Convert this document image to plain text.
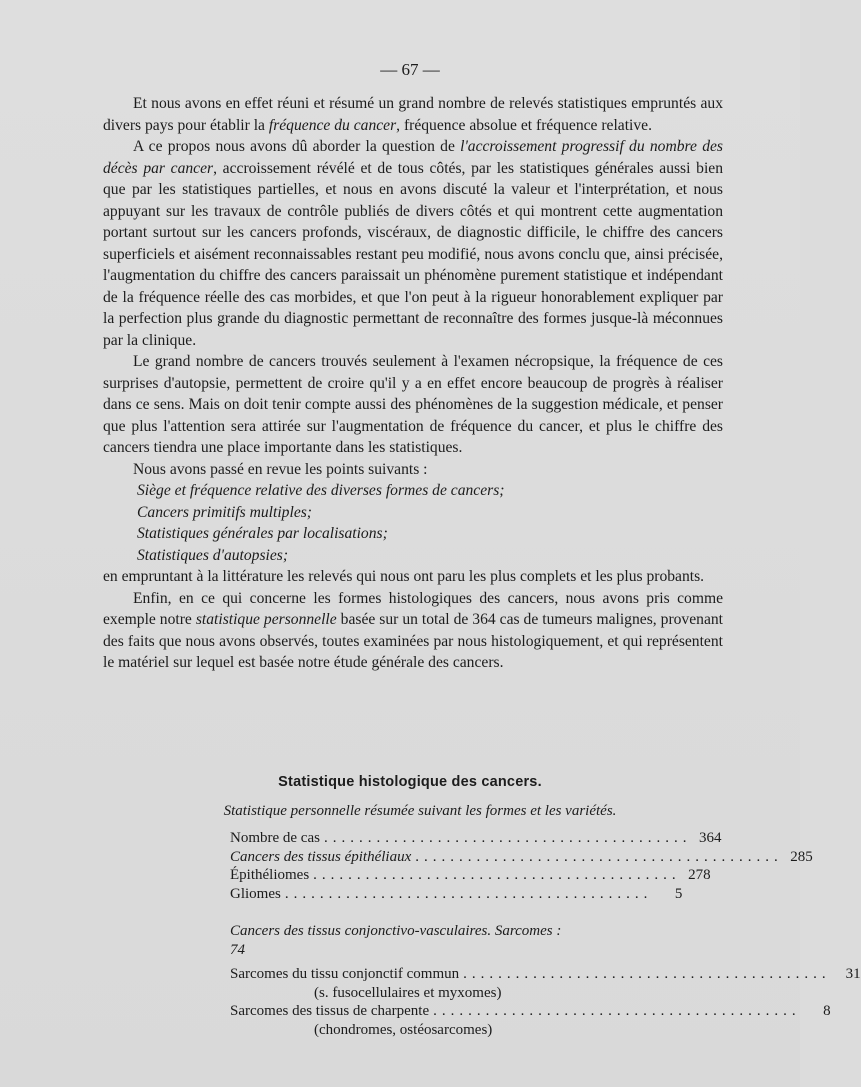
— 67 —

Et nous avons en effet réuni et résumé un grand nombre de relevés statistiques empruntés aux divers pays pour établir la fréquence du cancer, fréquence absolue et fréquence relative.

A ce propos nous avons dû aborder la question de l'accroissement progressif du nombre des décès par cancer, accroissement révélé et de tous côtés, par les statistiques générales aussi bien que par les statistiques partielles, et nous en avons discuté la valeur et l'interprétation, et nous appuyant sur les travaux de contrôle publiés de divers côtés et qui montrent cette augmentation portant surtout sur les cancers profonds, viscéraux, de diagnostic difficile, le chiffre des cancers superficiels et aisément reconnaissables restant peu modifié, nous avons conclu que, ainsi précisée, l'augmentation du chiffre des cancers paraissait un phénomène purement statistique et indépendant de la fréquence réelle des cas morbides, et que l'on peut à la rigueur honorablement expliquer par la perfection plus grande du diagnostic permettant de reconnaître des formes jusque-là méconnues par la clinique.

Le grand nombre de cancers trouvés seulement à l'examen nécropsique, la fréquence de ces surprises d'autopsie, permettent de croire qu'il y a en effet encore beaucoup de progrès à réaliser dans ce sens. Mais on doit tenir compte aussi des phénomènes de la suggestion médicale, et penser que plus l'attention sera attirée sur l'augmentation de fréquence du cancer, et plus le chiffre des cancers tiendra une place importante dans les statistiques.

Nous avons passé en revue les points suivants :

Siège et fréquence relative des diverses formes de cancers;
Cancers primitifs multiples;
Statistiques générales par localisations;
Statistiques d'autopsies;

en empruntant à la littérature les relevés qui nous ont paru les plus complets et les plus probants.

Enfin, en ce qui concerne les formes histologiques des cancers, nous avons pris comme exemple notre statistique personnelle basée sur un total de 364 cas de tumeurs malignes, provenant des faits que nous avons observés, toutes examinées par nous histologiquement, et qui représentent le matériel sur lequel est basée notre étude générale des cancers.

Statistique histologique des cancers.
Statistique personnelle résumée suivant les formes et les variétés.
Nombre de cas .......................................... 364
Cancers des tissus épithéliaux .......................................... 285
Épithéliomes .......................................... 278
Gliomes ..........................................	5
Cancers des tissus conjonctivo-vasculaires. Sarcomes : 74
Sarcomes du tissu conjonctif commun ..........................................	31
(s. fusocellulaires et myxomes)
Sarcomes des tissus de charpente ..........................................	8
(chondromes, ostéosarcomes)
